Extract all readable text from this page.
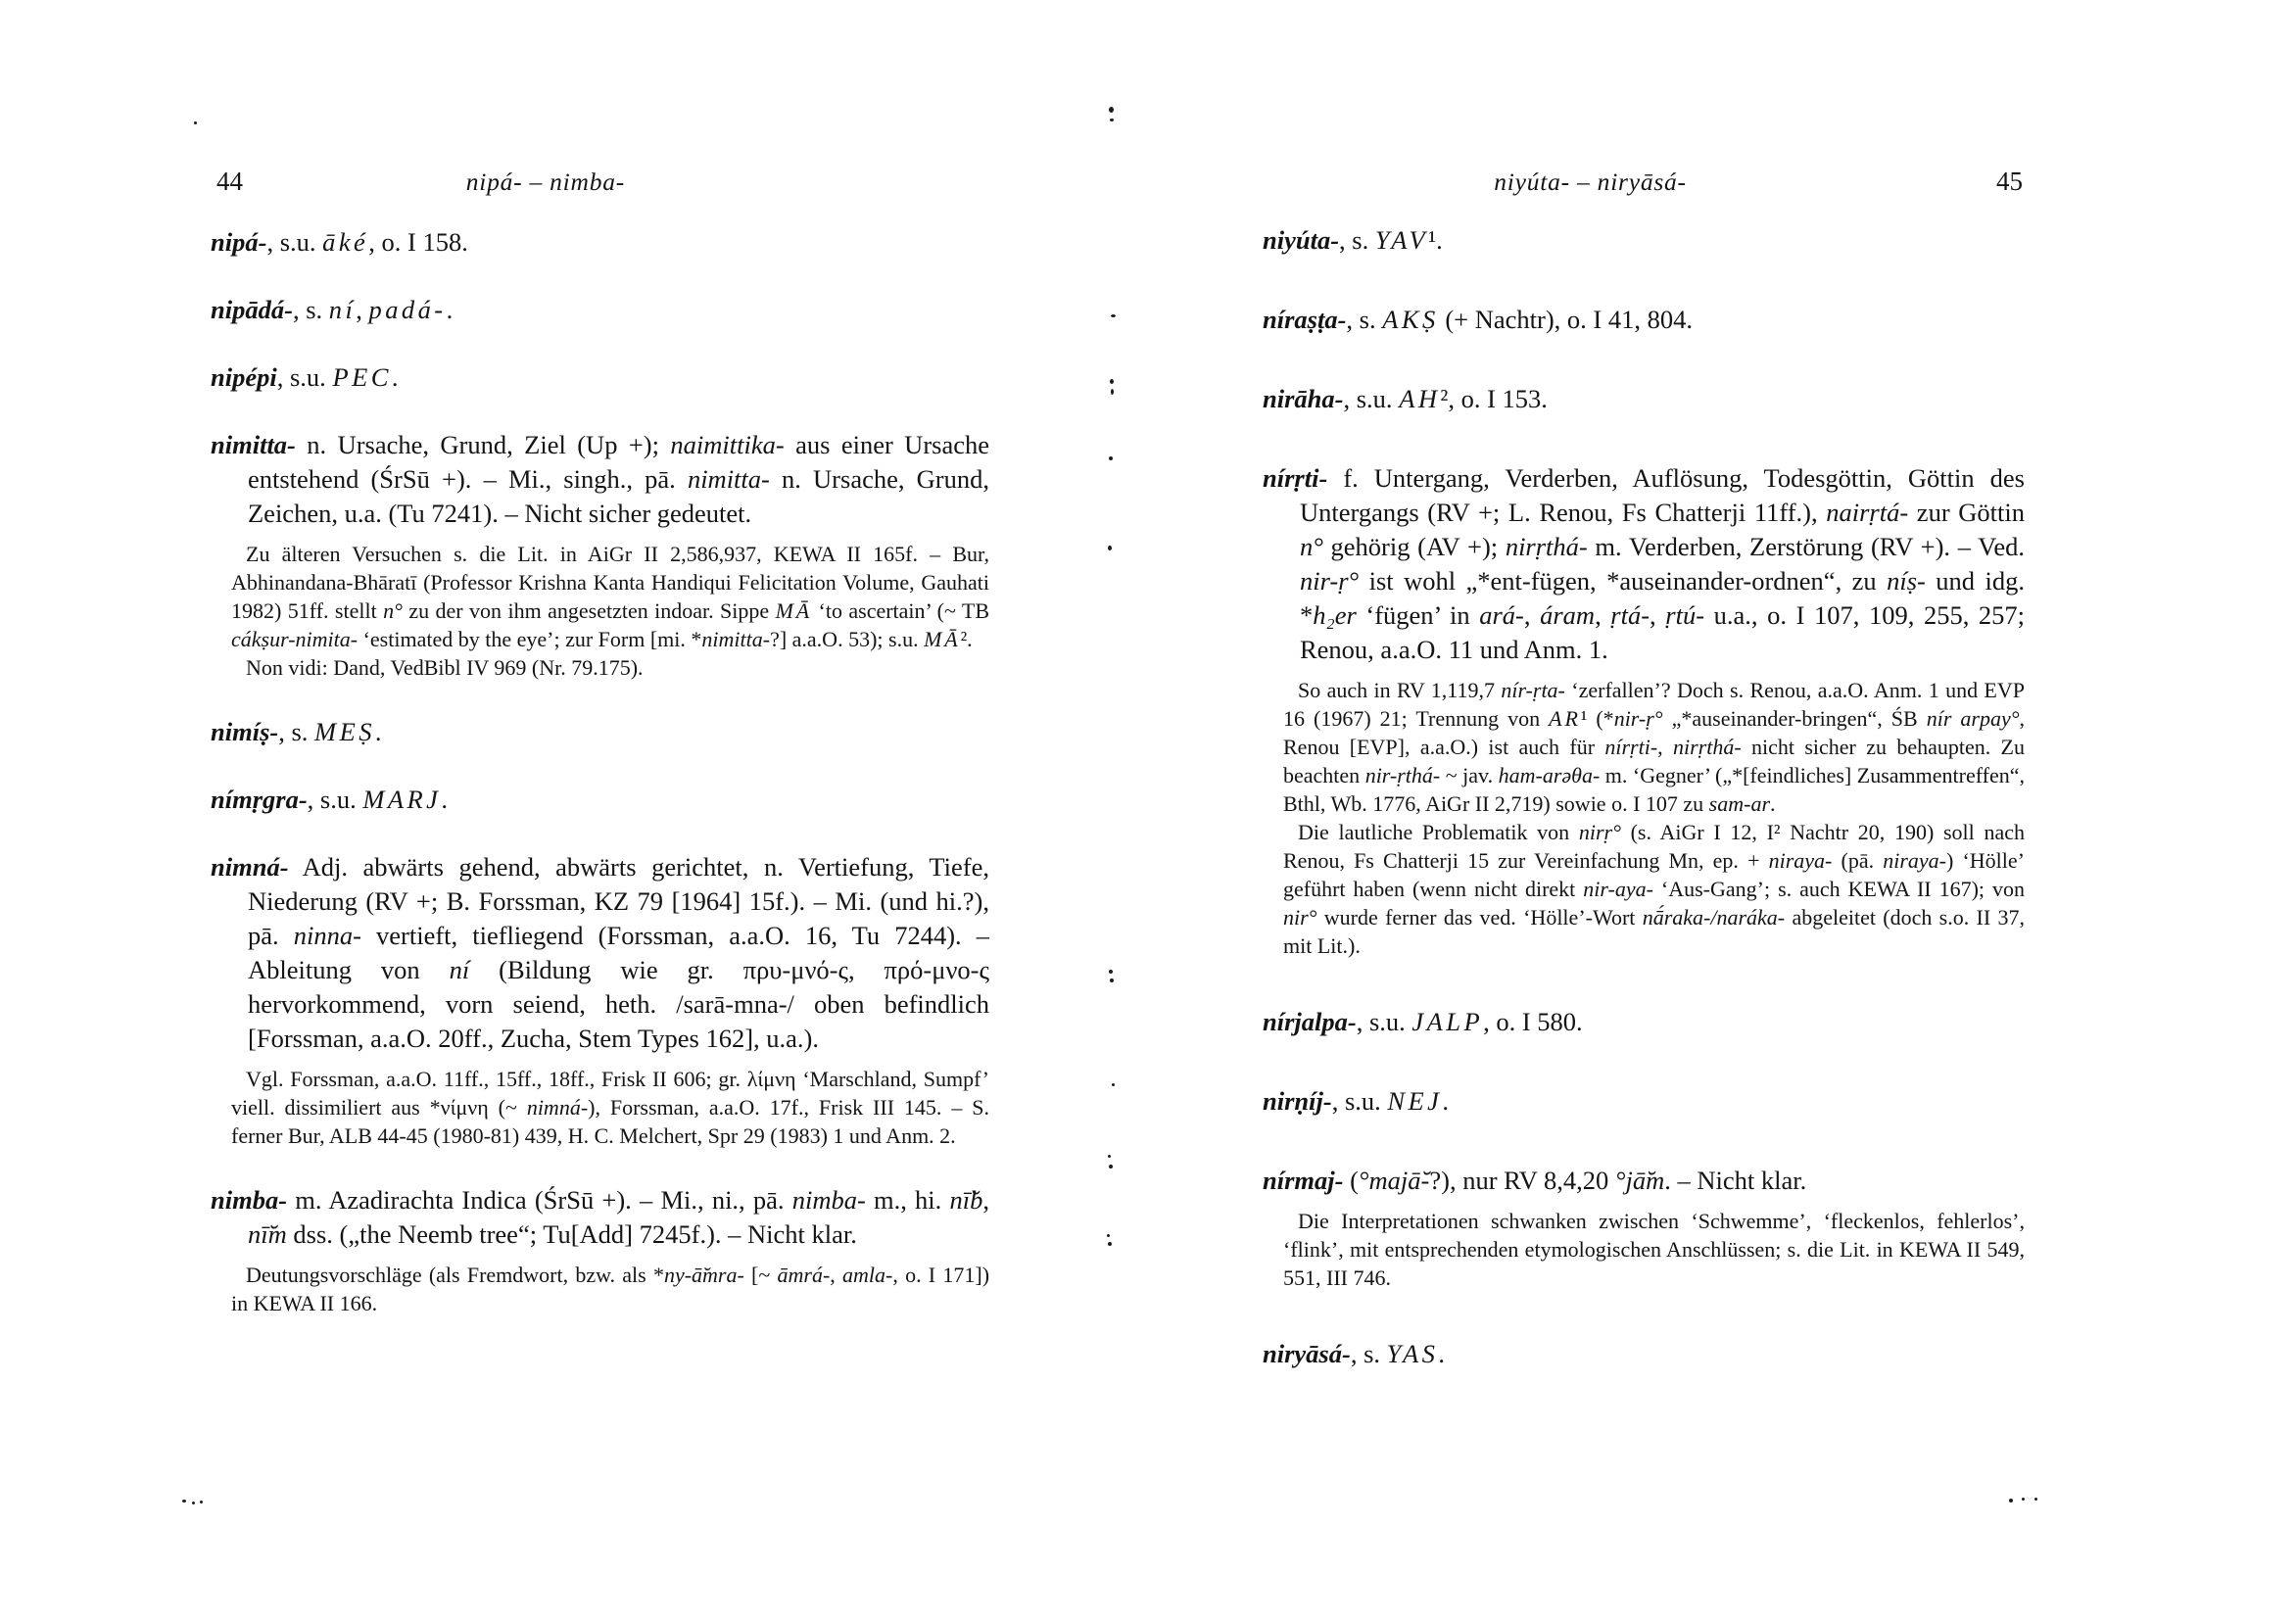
44	nipá- – nimba-
nipá-, s.u. āké, o. I 158.
nipādá-, s. ní, padá-.
nipépi, s.u. PEC.
nimitta- n. Ursache, Grund, Ziel (Up +); naimittika- aus einer Ursache entstehend (ŚrSū +). – Mi., singh., pā. nimitta- n. Ursache, Grund, Zeichen, u.a. (Tu 7241). – Nicht sicher gedeutet.
Zu älteren Versuchen s. die Lit. in AiGr II 2,586,937, KEWA II 165f. – Bur, Abhinandana-Bhāratī (Professor Krishna Kanta Handiqui Felicitation Volume, Gauhati 1982) 51ff. stellt n° zu der von ihm angesetzten indoar. Sippe MĀ ‘to ascertain’ (~ TB cákṣur-nimita- ‘estimated by the eye’; zur Form [mi. *nimitta-?] a.a.O. 53); s.u. MĀ².
Non vidi: Dand, VedBibl IV 969 (Nr. 79.175).
nimíṣ-, s. MEṢ.
nímṛgra-, s.u. MARJ.
nimná- Adj. abwärts gehend, abwärts gerichtet, n. Vertiefung, Tiefe, Niederung (RV +; B. Forssman, KZ 79 [1964] 15f.). – Mi. (und hi.?), pā. ninna- vertieft, tiefliegend (Forssman, a.a.O. 16, Tu 7244). – Ableitung von ní (Bildung wie gr. πρυ-μνό-ς, πρό-μνο-ς hervorkommend, vorn seiend, heth. /sarā-mna-/ oben befindlich [Forssman, a.a.O. 20ff., Zucha, Stem Types 162], u.a.).
Vgl. Forssman, a.a.O. 11ff., 15ff., 18ff., Frisk II 606; gr. λίμνη ‘Marschland, Sumpf’ viell. dissimiliert aus *νίμνη (~ nimná-), Forssman, a.a.O. 17f., Frisk III 145. – S. ferner Bur, ALB 44-45 (1980-81) 439, H. C. Melchert, Spr 29 (1983) 1 und Anm. 2.
nimba- m. Azadirachta Indica (ŚrSū +). – Mi., ni., pā. nimba- m., hi. nī̆b, nī̆m dss. („the Neemb tree“; Tu[Add] 7245f.). – Nicht klar.
Deutungsvorschläge (als Fremdwort, bzw. als *ny-ā̆mra- [~ āmrá-, amla-, o. I 171]) in KEWA II 166.
niyúta- – niryāsá-	45
niyúta-, s. YAV¹.
níraṣṭa-, s. AKṢ (+ Nachtr), o. I 41, 804.
nirāha-, s.u. AH², o. I 153.
nírṛti- f. Untergang, Verderben, Auflösung, Todesgöttin, Göttin des Untergangs (RV +; L. Renou, Fs Chatterji 11ff.), nairṛtá- zur Göttin n° gehörig (AV +); nirṛthá- m. Verderben, Zerstörung (RV +). – Ved. nir-ṛ° ist wohl „*ent-fügen, *auseinander-ordnen“, zu níṣ- und idg. *h₂er ‘fügen’ in ará-, áram, ṛtá-, ṛtú- u.a., o. I 107, 109, 255, 257; Renou, a.a.O. 11 und Anm. 1.
So auch in RV 1,119,7 nír-ṛta- ‘zerfallen’? Doch s. Renou, a.a.O. Anm. 1 und EVP 16 (1967) 21; Trennung von AR¹ (*nir-ṛ° „*auseinander-bringen“, ŚB nír arpay°, Renou [EVP], a.a.O.) ist auch für nírṛti-, nirṛthá- nicht sicher zu behaupten. Zu beachten nir-ṛthá- ~ jav. ham-arəθa- m. ‘Gegner’ („*[feindliches] Zusammentreffen“, Bthl, Wb. 1776, AiGr II 2,719) sowie o. I 107 zu sam-ar.
Die lautliche Problematik von nirṛ° (s. AiGr I 12, I² Nachtr 20, 190) soll nach Renou, Fs Chatterji 15 zur Vereinfachung Mn, ep. + niraya- (pā. niraya-) ‘Hölle’ geführt haben (wenn nicht direkt nir-aya- ‘Aus-Gang’; s. auch KEWA II 167); von nir° wurde ferner das ved. ‘Hölle’-Wort nā́raka-/naráka- abgeleitet (doch s.o. II 37, mit Lit.).
nírjalpa-, s.u. JALP, o. I 580.
nirṇíj-, s.u. NEJ.
nírmaj- (°majā̆-?), nur RV 8,4,20 °jā̆m. – Nicht klar.
Die Interpretationen schwanken zwischen ‘Schwemme’, ‘fleckenlos, fehlerlos’, ‘flink’, mit entsprechenden etymologischen Anschlüssen; s. die Lit. in KEWA II 549, 551, III 746.
niryāsá-, s. YAS.
